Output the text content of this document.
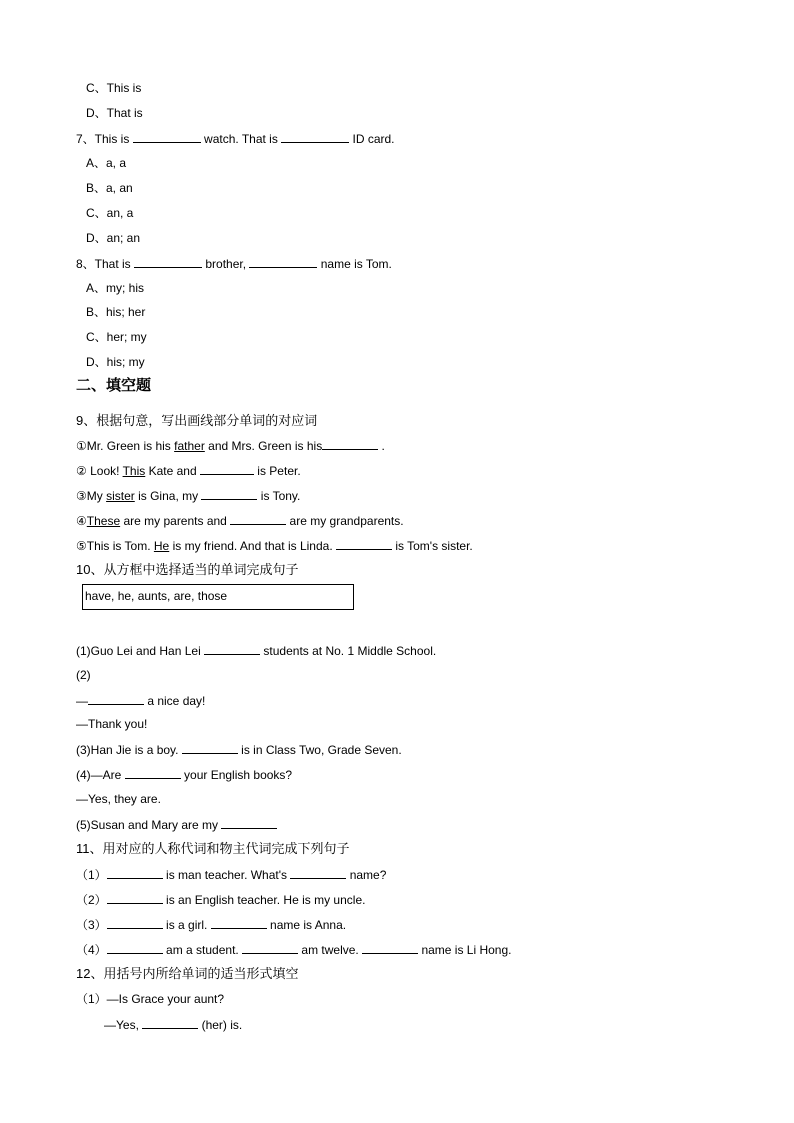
C、This is
D、That is
7、This is	watch. That is	ID card.
A、a, a
B、a, an
C、an, a
D、an; an
8、That is	brother,	name is Tom.
A、my; his
B、his; her
C、her; my
D、his; my
二、填空题
9、根据句意，写出画线部分单词的对应词
①Mr. Green is his father and Mrs. Green is his	.
② Look! This Kate and	is Peter.
③My sister is Gina, my	is Tony.
④These are my parents and	are my grandparents.
⑤This is Tom. He is my friend. And that is Linda.	is Tom's sister.
10、从方框中选择适当的单词完成句子
have, he, aunts, are, those
(1)Guo Lei and Han Lei	students at No. 1 Middle School.
(2)
—	a nice day!
—Thank you!
(3)Han Jie is a boy.	is in Class Two, Grade Seven.
(4)—Are	your English books?
—Yes, they are.
(5)Susan and Mary are my
11、用对应的人称代词和物主代词完成下列句子
（1）	is man teacher. What's	name?
（2）	is an English teacher. He is my uncle.
（3）	is a girl.	name is Anna.
（4）	am a student.	am twelve.	name is Li Hong.
12、用括号内所给单词的适当形式填空
（1）—Is Grace your aunt?
—Yes,	(her) is.
